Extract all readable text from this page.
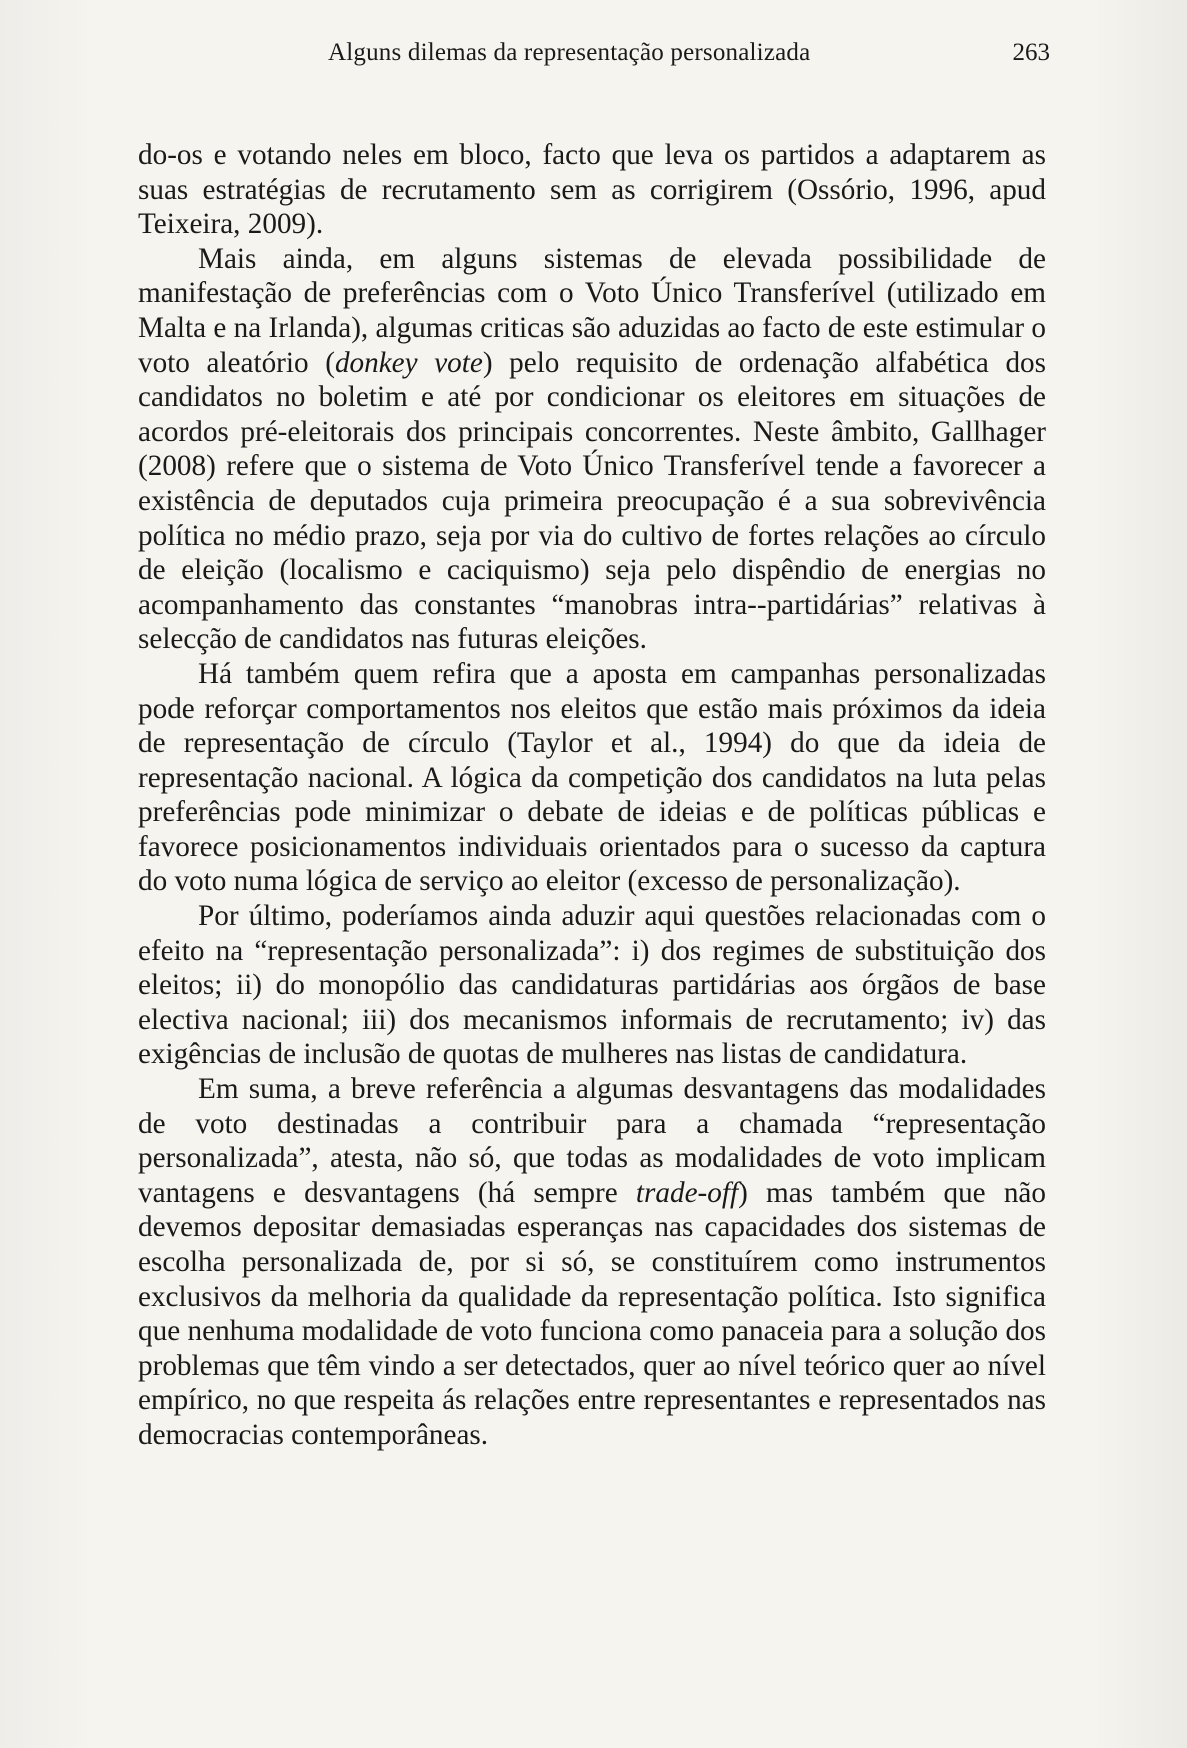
Alguns dilemas da representação personalizada	263

do-os e votando neles em bloco, facto que leva os partidos a adaptarem as suas estratégias de recrutamento sem as corrigirem (Ossório, 1996, apud Teixeira, 2009).

Mais ainda, em alguns sistemas de elevada possibilidade de manifestação de preferências com o Voto Único Transferível (utilizado em Malta e na Irlanda), algumas criticas são aduzidas ao facto de este estimular o voto aleatório (donkey vote) pelo requisito de ordenação alfabética dos candidatos no boletim e até por condicionar os eleitores em situações de acordos pré-eleitorais dos principais concorrentes. Neste âmbito, Gallhager (2008) refere que o sistema de Voto Único Transferível tende a favorecer a existência de deputados cuja primeira preocupação é a sua sobrevivência política no médio prazo, seja por via do cultivo de fortes relações ao círculo de eleição (localismo e caciquismo) seja pelo dispêndio de energias no acompanhamento das constantes “manobras intra--partidárias” relativas à selecção de candidatos nas futuras eleições.

Há também quem refira que a aposta em campanhas personalizadas pode reforçar comportamentos nos eleitos que estão mais próximos da ideia de representação de círculo (Taylor et al., 1994) do que da ideia de representação nacional. A lógica da competição dos candidatos na luta pelas preferências pode minimizar o debate de ideias e de políticas públicas e favorece posicionamentos individuais orientados para o sucesso da captura do voto numa lógica de serviço ao eleitor (excesso de personalização).

Por último, poderíamos ainda aduzir aqui questões relacionadas com o efeito na “representação personalizada”: i) dos regimes de substituição dos eleitos; ii) do monopólio das candidaturas partidárias aos órgãos de base electiva nacional; iii) dos mecanismos informais de recrutamento; iv) das exigências de inclusão de quotas de mulheres nas listas de candidatura.

Em suma, a breve referência a algumas desvantagens das modalidades de voto destinadas a contribuir para a chamada “representação personalizada”, atesta, não só, que todas as modalidades de voto implicam vantagens e desvantagens (há sempre trade-off) mas também que não devemos depositar demasiadas esperanças nas capacidades dos sistemas de escolha personalizada de, por si só, se constituírem como instrumentos exclusivos da melhoria da qualidade da representação política. Isto significa que nenhuma modalidade de voto funciona como panaceia para a solução dos problemas que têm vindo a ser detectados, quer ao nível teórico quer ao nível empírico, no que respeita ás relações entre representantes e representados nas democracias contemporâneas.
